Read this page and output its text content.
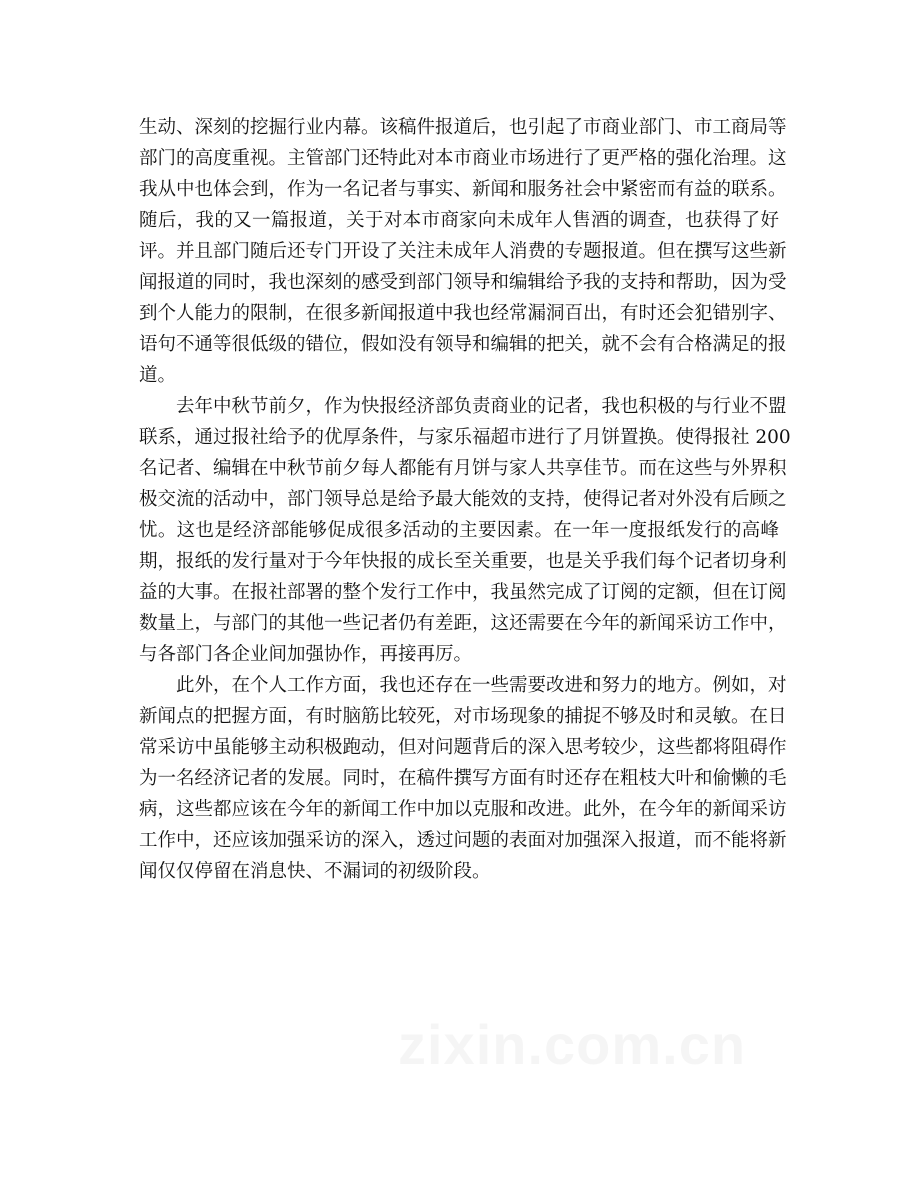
生动、深刻的挖掘行业内幕。该稿件报道后，也引起了市商业部门、市工商局等
部门的高度重视。主管部门还特此对本市商业市场进行了更严格的强化治理。这
我从中也体会到，作为一名记者与事实、新闻和服务社会中紧密而有益的联系。
随后，我的又一篇报道，关于对本市商家向未成年人售酒的调查，也获得了好
评。并且部门随后还专门开设了关注未成年人消费的专题报道。但在撰写这些新
闻报道的同时，我也深刻的感受到部门领导和编辑给予我的支持和帮助，因为受
到个人能力的限制，在很多新闻报道中我也经常漏洞百出，有时还会犯错别字、
语句不通等很低级的错位，假如没有领导和编辑的把关，就不会有合格满足的报
道。
去年中秋节前夕，作为快报经济部负责商业的记者，我也积极的与行业不盟
联系，通过报社给予的优厚条件，与家乐福超市进行了月饼置换。使得报社 200
名记者、编辑在中秋节前夕每人都能有月饼与家人共享佳节。而在这些与外界积
极交流的活动中，部门领导总是给予最大能效的支持，使得记者对外没有后顾之
忧。这也是经济部能够促成很多活动的主要因素。在一年一度报纸发行的高峰
期，报纸的发行量对于今年快报的成长至关重要，也是关乎我们每个记者切身利
益的大事。在报社部署的整个发行工作中，我虽然完成了订阅的定额，但在订阅
数量上，与部门的其他一些记者仍有差距，这还需要在今年的新闻采访工作中，
与各部门各企业间加强协作，再接再厉。
此外，在个人工作方面，我也还存在一些需要改进和努力的地方。例如，对
新闻点的把握方面，有时脑筋比较死，对市场现象的捕捉不够及时和灵敏。在日
常采访中虽能够主动积极跑动，但对问题背后的深入思考较少，这些都将阻碍作
为一名经济记者的发展。同时，在稿件撰写方面有时还存在粗枝大叶和偷懒的毛
病，这些都应该在今年的新闻工作中加以克服和改进。此外，在今年的新闻采访
工作中，还应该加强采访的深入，透过问题的表面对加强深入报道，而不能将新
闻仅仅停留在消息快、不漏词的初级阶段。
